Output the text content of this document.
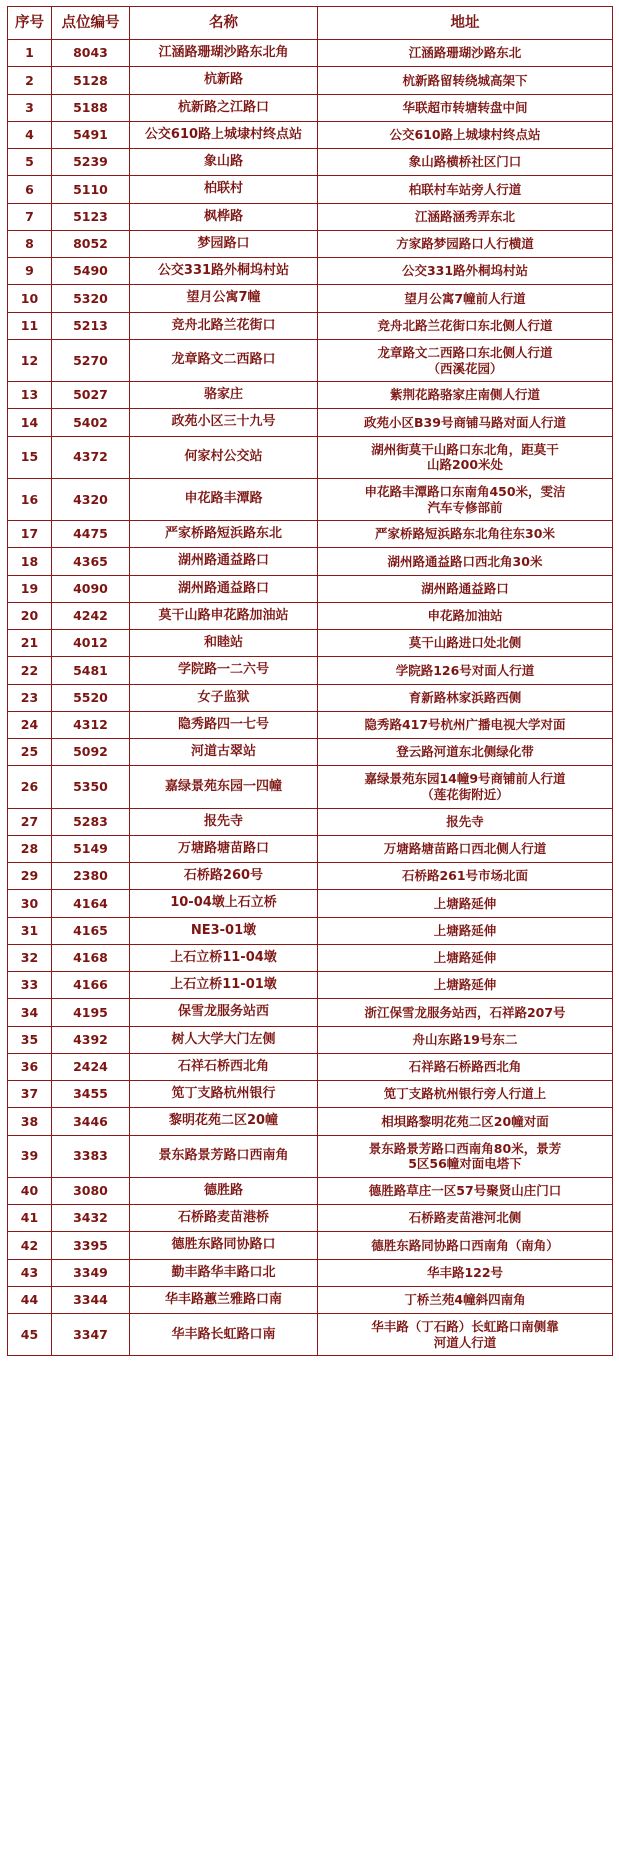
序号	点位编号	名称	地址
1	8043	江涵路珊瑚沙路东北角	江涵路珊瑚沙路东北
2	5128	杭新路	杭新路留转绕城高架下
3	5188	杭新路之江路口	华联超市转塘转盘中间
4	5491	公交610路上城埭村终点站	公交610路上城埭村终点站
5	5239	象山路	象山路横桥社区门口
6	5110	柏联村	柏联村车站旁人行道
7	5123	枫桦路	江涵路涵秀弄东北
8	8052	梦园路口	方家路梦园路口人行横道
9	5490	公交331路外桐坞村站	公交331路外桐坞村站
10	5320	望月公寓7幢	望月公寓7幢前人行道
11	5213	竞舟北路兰花街口	竞舟北路兰花街口东北侧人行道
12	5270	龙章路文二西路口	龙章路文二西路口东北侧人行道
（西溪花园）

13	5027	骆家庄	紫荆花路骆家庄南侧人行道
14	5402	政苑小区三十九号	政苑小区B39号商铺马路对面人行道
15	4372	何家村公交站	湖州街莫干山路口东北角，距莫干
山路200米处

16	4320	申花路丰潭路	申花路丰潭路口东南角450米，雯洁
汽车专修部前

17	4475	严家桥路短浜路东北	严家桥路短浜路东北角往东30米
18	4365	湖州路通益路口	湖州路通益路口西北角30米
19	4090	湖州路通益路口	湖州路通益路口
20	4242	莫干山路申花路加油站	申花路加油站
21	4012	和睦站	莫干山路进口处北侧
22	5481	学院路一二六号	学院路126号对面人行道
23	5520	女子监狱	育新路林家浜路西侧
24	4312	隐秀路四一七号	隐秀路417号杭州广播电视大学对面
25	5092	河道古翠站	登云路河道东北侧绿化带
26	5350	嘉绿景苑东园一四幢	嘉绿景苑东园14幢9号商铺前人行道
（莲花街附近）

27	5283	报先寺	报先寺
28	5149	万塘路塘苗路口	万塘路塘苗路口西北侧人行道
29	2380	石桥路260号	石桥路261号市场北面
30	4164	10-04墩上石立桥	上塘路延伸
31	4165	NE3-01墩	上塘路延伸
32	4168	上石立桥11-04墩	上塘路延伸
33	4166	上石立桥11-01墩	上塘路延伸
34	4195	保雪龙服务站西	浙江保雪龙服务站西，石祥路207号
35	4392	树人大学大门左侧	舟山东路19号东二
36	2424	石祥石桥西北角	石祥路石桥路西北角
37	3455	笕丁支路杭州银行	笕丁支路杭州银行旁人行道上
38	3446	黎明花苑二区20幢	相垻路黎明花苑二区20幢对面
39	3383	景东路景芳路口西南角	景东路景芳路口西南角80米，景芳
5区56幢对面电塔下

40	3080	德胜路	德胜路草庄一区57号聚贤山庄门口
41	3432	石桥路麦苗港桥	石桥路麦苗港河北侧
42	3395	德胜东路同协路口	德胜东路同协路口西南角（南角）
43	3349	勤丰路华丰路口北	华丰路122号
44	3344	华丰路蕙兰雅路口南	丁桥兰苑4幢斜四南角
45	3347	华丰路长虹路口南	华丰路（丁石路）长虹路口南侧靠
河道人行道
